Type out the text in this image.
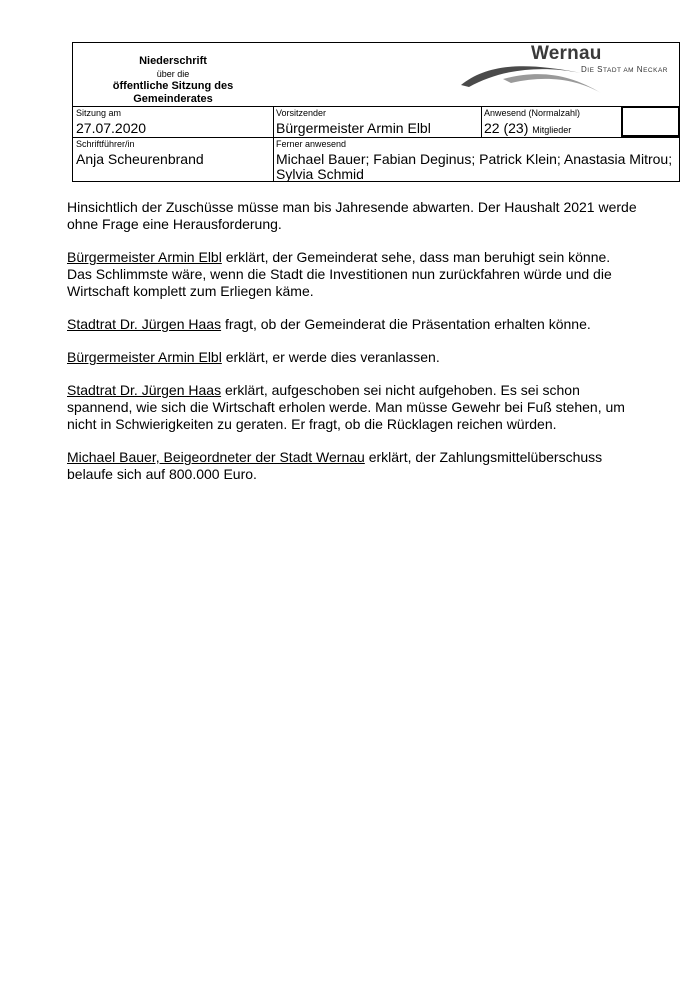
Niederschrift
über die
öffentliche Sitzung des
Gemeinderates
Wernau
DIE STADT AM NECKAR
Sitzung am
27.07.2020
Vorsitzender
Bürgermeister Armin Elbl
Anwesend (Normalzahl)
22 (23) Mitglieder
Schriftführer/in
Anja Scheurenbrand
Ferner anwesend
Michael Bauer; Fabian Deginus; Patrick Klein; Anastasia Mitrou;
Sylvia Schmid

Hinsichtlich der Zuschüsse müsse man bis Jahresende abwarten. Der Haushalt 2021 werde ohne Frage eine Herausforderung.

Bürgermeister Armin Elbl erklärt, der Gemeinderat sehe, dass man beruhigt sein könne. Das Schlimmste wäre, wenn die Stadt die Investitionen nun zurückfahren würde und die Wirtschaft komplett zum Erliegen käme.

Stadtrat Dr. Jürgen Haas fragt, ob der Gemeinderat die Präsentation erhalten könne.

Bürgermeister Armin Elbl erklärt, er werde dies veranlassen.

Stadtrat Dr. Jürgen Haas erklärt, aufgeschoben sei nicht aufgehoben. Es sei schon spannend, wie sich die Wirtschaft erholen werde. Man müsse Gewehr bei Fuß stehen, um nicht in Schwierigkeiten zu geraten. Er fragt, ob die Rücklagen reichen würden.

Michael Bauer, Beigeordneter der Stadt Wernau erklärt, der Zahlungsmittelüberschuss belaufe sich auf 800.000 Euro.
